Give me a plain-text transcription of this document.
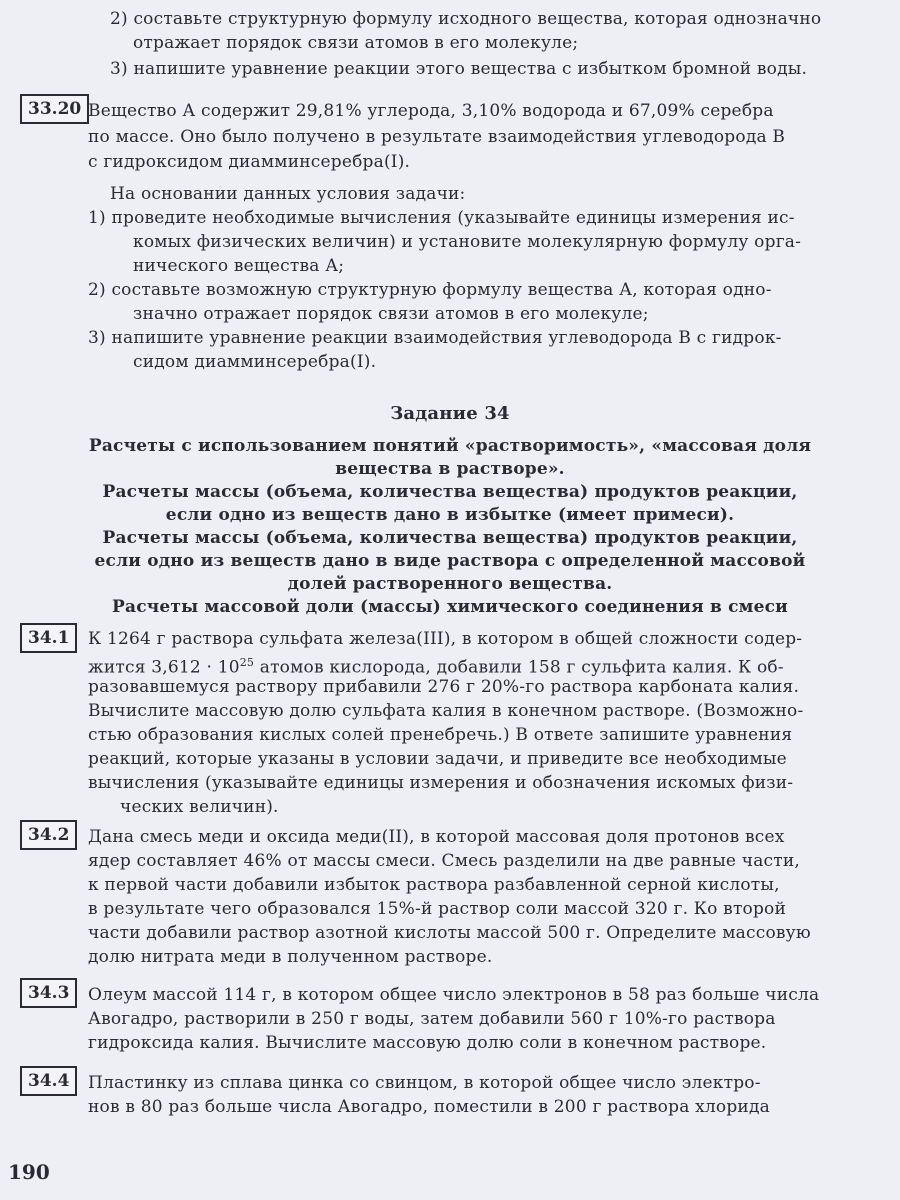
2) составьте структурную формулу исходного вещества, которая однозначно
отражает порядок связи атомов в его молекуле;
3) напишите уравнение реакции этого вещества с избытком бромной воды.
33.20 Вещество А содержит 29,81% углерода, 3,10% водорода и 67,09% серебра
по массе. Оно было получено в результате взаимодействия углеводорода В
с гидроксидом диамминсеребра(I).
На основании данных условия задачи:
1) проведите необходимые вычисления (указывайте единицы измерения ис-
комых физических величин) и установите молекулярную формулу орга-
нического вещества А;
2) составьте возможную структурную формулу вещества А, которая одно-
значно отражает порядок связи атомов в его молекуле;
3) напишите уравнение реакции взаимодействия углеводорода В с гидрок-
сидом диамминсеребра(I).
Задание 34
Расчеты с использованием понятий «растворимость», «массовая доля
вещества в растворе».
Расчеты массы (объема, количества вещества) продуктов реакции,
если одно из веществ дано в избытке (имеет примеси).
Расчеты массы (объема, количества вещества) продуктов реакции,
если одно из веществ дано в виде раствора с определенной массовой
долей растворенного вещества.
Расчеты массовой доли (массы) химического соединения в смеси
34.1	К 1264 г раствора сульфата железа(III), в котором в общей сложности содер-
жится $3,612 \cdot 10^{25}$ атомов кислорода, добавили 158 г сульфита калия. К об-
разовавшемуся раствору прибавили 276 г 20%-го раствора карбоната калия.
Вычислите массовую долю сульфата калия в конечном растворе. (Возможно-
стью образования кислых солей пренебречь.) В ответе запишите уравнения
реакций, которые указаны в условии задачи, и приведите все необходимые
вычисления (указывайте единицы измерения и обозначения искомых физи-
ческих величин).
34.2	Дана смесь меди и оксида меди(II), в которой массовая доля протонов всех
ядер составляет 46% от массы смеси. Смесь разделили на две равные части,
к первой части добавили избыток раствора разбавленной серной кислоты,
в результате чего образовался 15%-й раствор соли массой 320 г. Ко второй
части добавили раствор азотной кислоты массой 500 г. Определите массовую
долю нитрата меди в полученном растворе.
34.3	Олеум массой 114 г, в котором общее число электронов в 58 раз больше числа
Авогадро, растворили в 250 г воды, затем добавили 560 г 10%-го раствора
гидроксида калия. Вычислите массовую долю соли в конечном растворе.
34.4	Пластинку из сплава цинка со свинцом, в которой общее число электро-
нов в 80 раз больше числа Авогадро, поместили в 200 г раствора хлорида
190
